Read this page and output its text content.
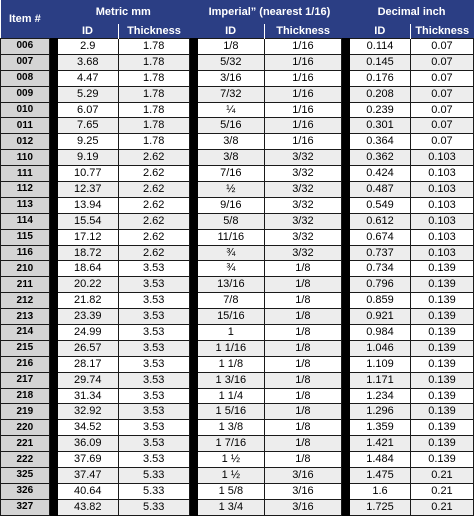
Item #		Metric mm			Imperial” (nearest 1/16)			Decimal inch	
		ID	Thickness		ID	Thickness		ID	Thickness
006		2.9	1.78		1/8	1/16		0.114	0.07
007		3.68	1.78		5/32	1/16		0.145	0.07
008		4.47	1.78		3/16	1/16		0.176	0.07
009		5.29	1.78		7/32	1/16		0.208	0.07
010		6.07	1.78		¼	1/16		0.239	0.07
011		7.65	1.78		5/16	1/16		0.301	0.07
012		9.25	1.78		3/8	1/16		0.364	0.07
110		9.19	2.62		3/8	3/32		0.362	0.103
111		10.77	2.62		7/16	3/32		0.424	0.103
112		12.37	2.62		½	3/32		0.487	0.103
113		13.94	2.62		9/16	3/32		0.549	0.103
114		15.54	2.62		5/8	3/32		0.612	0.103
115		17.12	2.62		11/16	3/32		0.674	0.103
116		18.72	2.62		¾	3/32		0.737	0.103
210		18.64	3.53		¾	1/8		0.734	0.139
211		20.22	3.53		13/16	1/8		0.796	0.139
212		21.82	3.53		7/8	1/8		0.859	0.139
213		23.39	3.53		15/16	1/8		0.921	0.139
214		24.99	3.53		1	1/8		0.984	0.139
215		26.57	3.53		1 1/16	1/8		1.046	0.139
216		28.17	3.53		1 1/8	1/8		1.109	0.139
217		29.74	3.53		1 3/16	1/8		1.171	0.139
218		31.34	3.53		1 1/4	1/8		1.234	0.139
219		32.92	3.53		1 5/16	1/8		1.296	0.139
220		34.52	3.53		1 3/8	1/8		1.359	0.139
221		36.09	3.53		1 7/16	1/8		1.421	0.139
222		37.69	3.53		1 ½	1/8		1.484	0.139
325		37.47	5.33		1 ½	3/16		1.475	0.21
326		40.64	5.33		1 5/8	3/16		1.6	0.21
327		43.82	5.33		1 3/4	3/16		1.725	0.21
